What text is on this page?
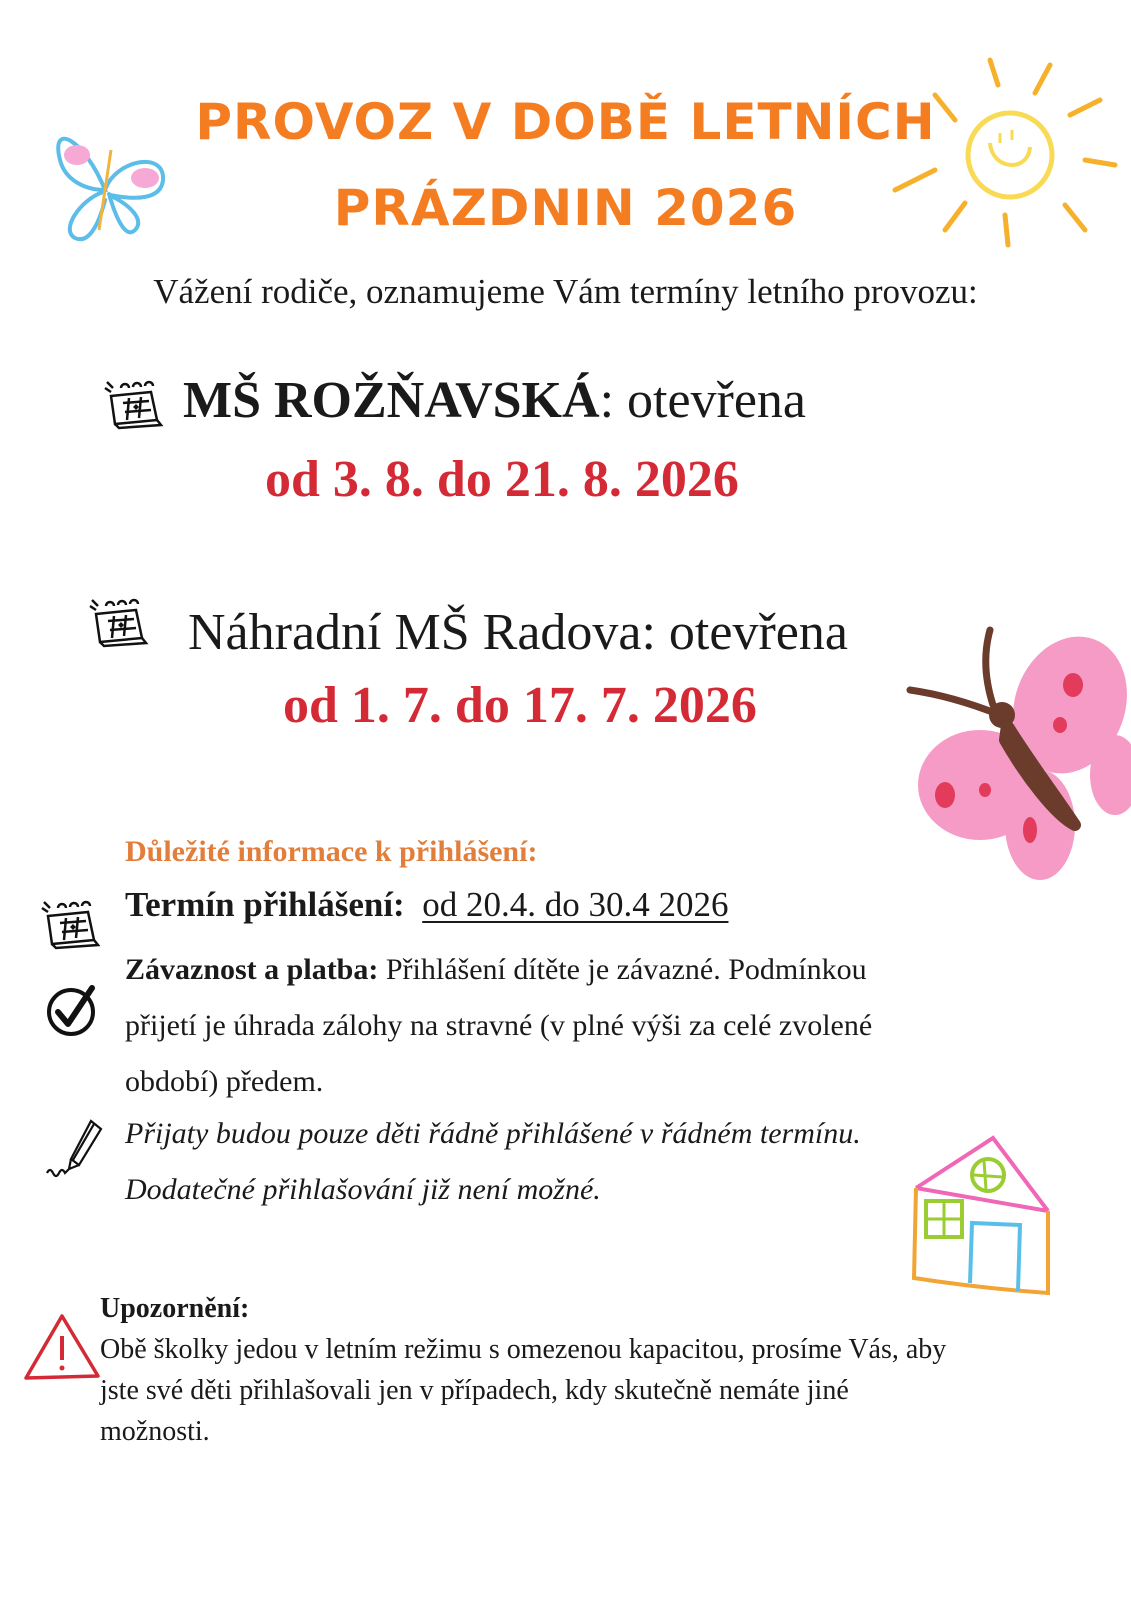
PROVOZ V DOBĚ LETNÍCH
PRÁZDNIN 2026
Vážení rodiče, oznamujeme Vám termíny letního provozu:
MŠ ROŽŇAVSKÁ: otevřena
od 3. 8. do 21. 8. 2026
Náhradní MŠ Radova: otevřena
od 1. 7. do 17. 7. 2026
Důležité informace k přihlášení:
Termín přihlášení: od 20.4. do 30.4 2026
Závaznost a platba: Přihlášení dítěte je závazné. Podmínkou
přijetí je úhrada zálohy na stravné (v plné výši za celé zvolené
období) předem.
Přijaty budou pouze děti řádně přihlášené v řádném termínu.
Dodatečné přihlašování již není možné.
Upozornění:
Obě školky jedou v letním režimu s omezenou kapacitou, prosíme Vás, aby
jste své děti přihlašovali jen v případech, kdy skutečně nemáte jiné
možnosti.
